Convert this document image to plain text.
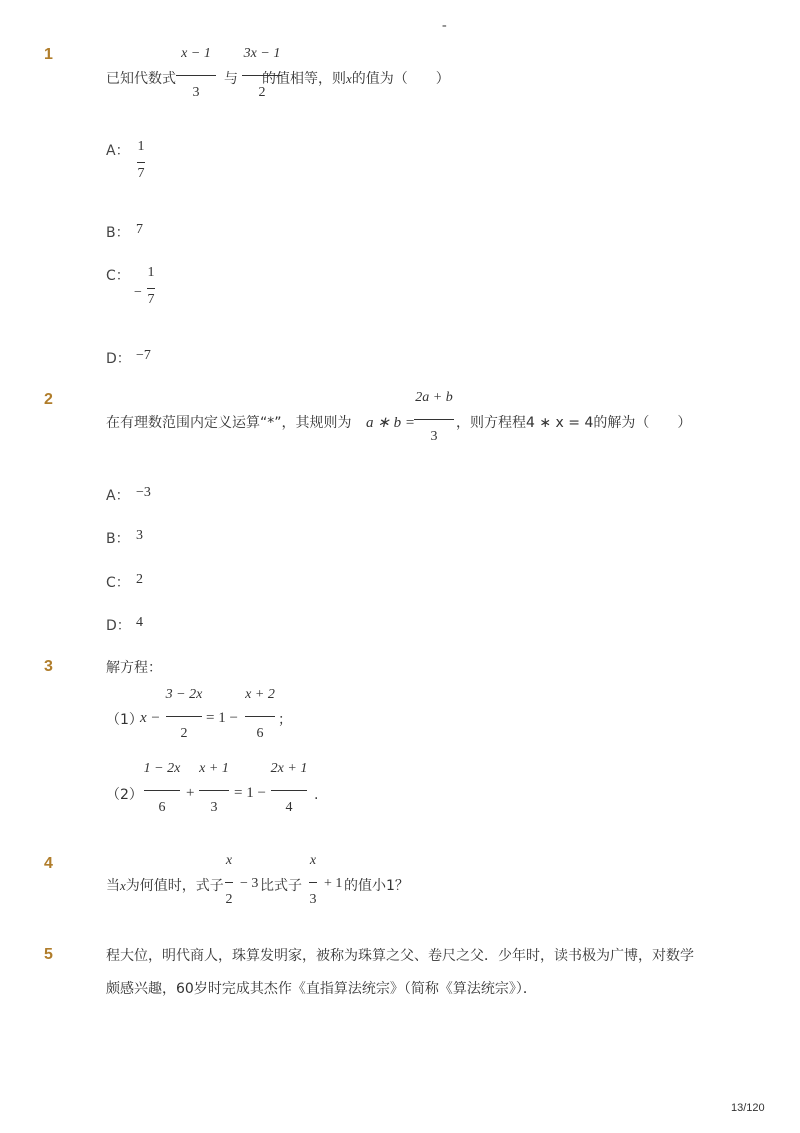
-
1
已知代数式
x − 1
3
与
3x − 1
2
的值相等，则x的值为（　　）
A： 1
7
B： 7
C：
−
1
7
D： −7
2
在有理数范围内定义运算“*”，其规则为 a ∗ b =
2a + b
3
，则方程程4 ∗ x = 4的解为（　　）
A： −3
B： 3
C： 2
D： 4
3	解方程：
（1）
x −
3 − 2x
2
= 1 −
x + 2
6
；
（2）
1 − 2x
6
+
x + 1
3
= 1 −
2x + 1
4
.
4
当x为何值时，式子
x
2
− 3 比式子
x
3
+ 1 的值小1？
5	程大位，明代商人，珠算发明家，被称为珠算之父、卷尺之父．少年时，读书极为广博，对数学
颇感兴趣，60岁时完成其杰作《直指算法统宗》（简称《算法统宗》）．
13/120
